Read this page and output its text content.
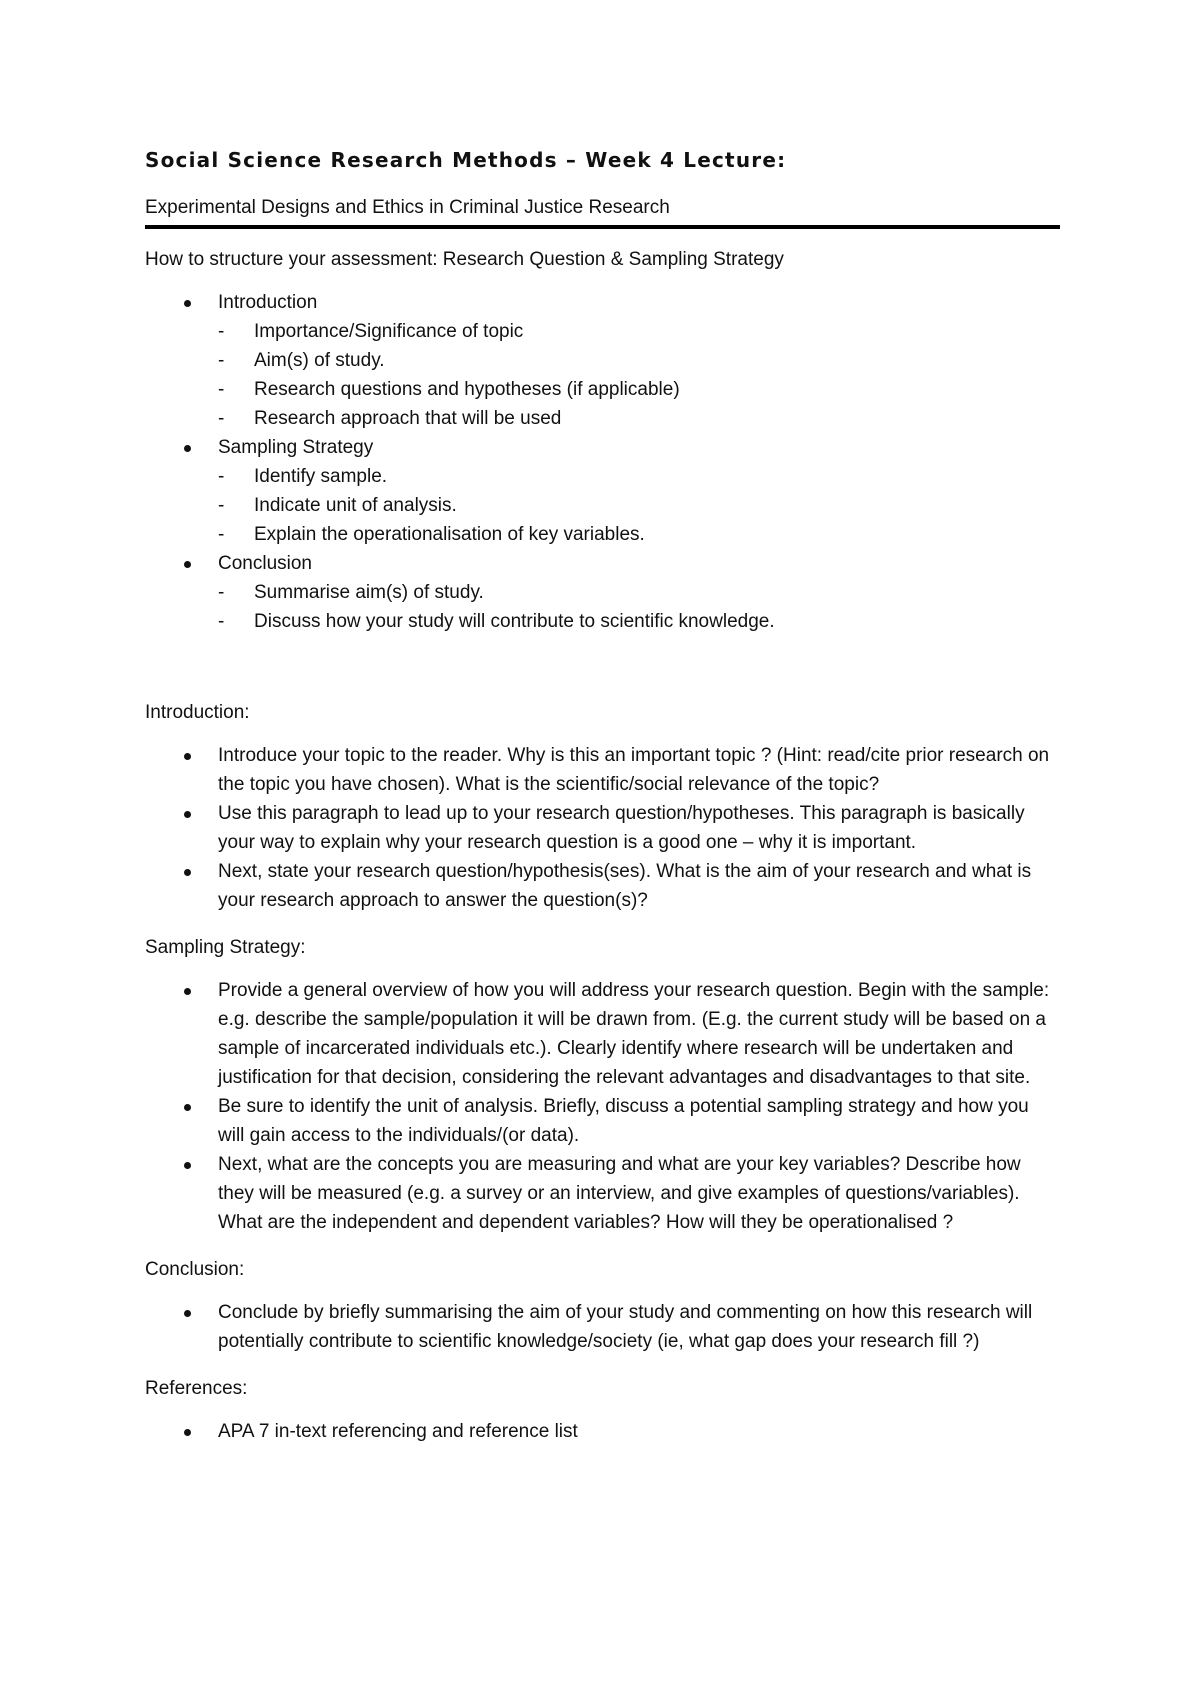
Social Science Research Methods – Week 4 Lecture:
Experimental Designs and Ethics in Criminal Justice Research
How to structure your assessment: Research Question & Sampling Strategy
Introduction
- Importance/Significance of topic
- Aim(s) of study.
- Research questions and hypotheses (if applicable)
- Research approach that will be used
Sampling Strategy
- Identify sample.
- Indicate unit of analysis.
- Explain the operationalisation of key variables.
Conclusion
- Summarise aim(s) of study.
- Discuss how your study will contribute to scientific knowledge.
Introduction:
Introduce your topic to the reader. Why is this an important topic ? (Hint: read/cite prior research on the topic you have chosen). What is the scientific/social relevance of the topic?
Use this paragraph to lead up to your research question/hypotheses. This paragraph is basically your way to explain why your research question is a good one – why it is important.
Next, state your research question/hypothesis(ses). What is the aim of your research and what is your research approach to answer the question(s)?
Sampling Strategy:
Provide a general overview of how you will address your research question. Begin with the sample: e.g. describe the sample/population it will be drawn from. (E.g. the current study will be based on a sample of incarcerated individuals etc.). Clearly identify where research will be undertaken and justification for that decision, considering the relevant advantages and disadvantages to that site.
Be sure to identify the unit of analysis. Briefly, discuss a potential sampling strategy and how you will gain access to the individuals/(or data).
Next, what are the concepts you are measuring and what are your key variables? Describe how they will be measured (e.g. a survey or an interview, and give examples of questions/variables). What are the independent and dependent variables? How will they be operationalised ?
Conclusion:
Conclude by briefly summarising the aim of your study and commenting on how this research will potentially contribute to scientific knowledge/society (ie, what gap does your research fill ?)
References:
APA 7 in-text referencing and reference list
